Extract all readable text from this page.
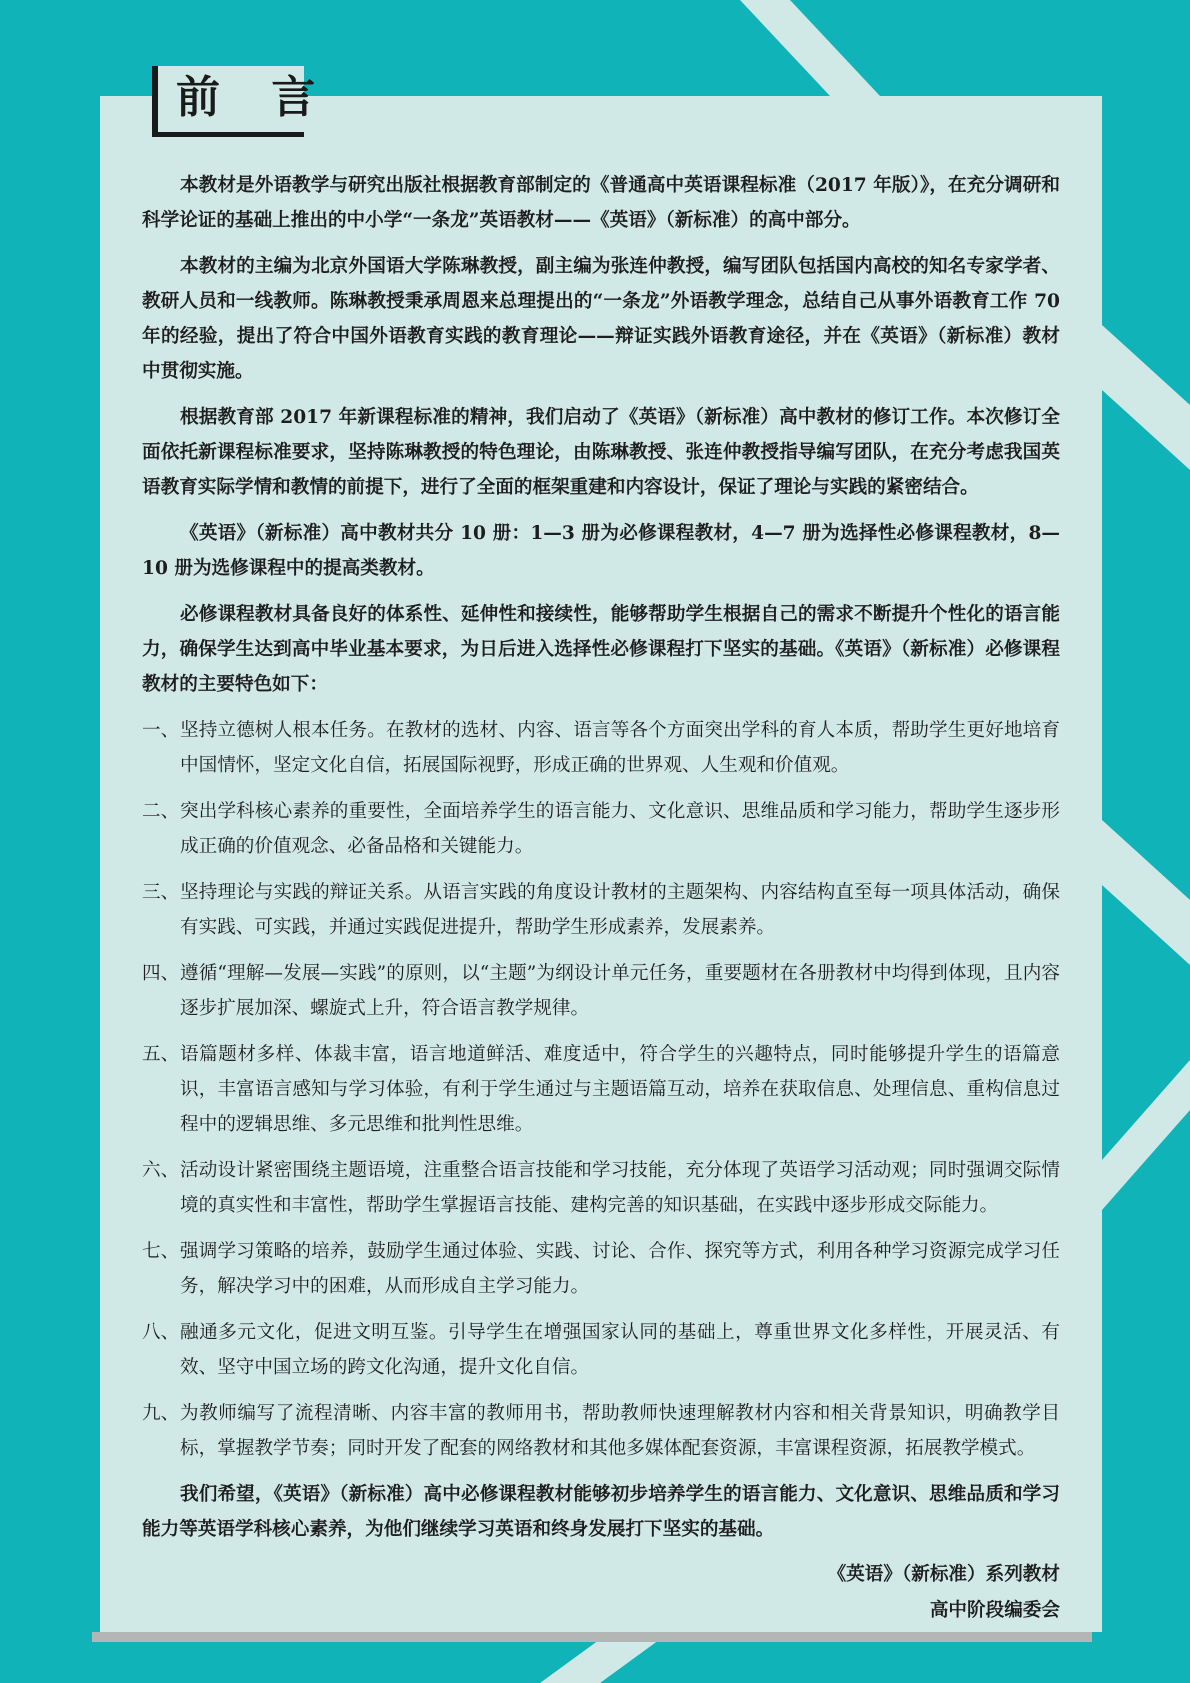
前 言

本教材是外语教学与研究出版社根据教育部制定的《普通高中英语课程标准（2017 年版）》，在充分调研和科学论证的基础上推出的中小学“一条龙”英语教材——《英语》（新标准）的高中部分。

本教材的主编为北京外国语大学陈琳教授，副主编为张连仲教授，编写团队包括国内高校的知名专家学者、教研人员和一线教师。陈琳教授秉承周恩来总理提出的“一条龙”外语教学理念，总结自己从事外语教育工作 70 年的经验，提出了符合中国外语教育实践的教育理论——辩证实践外语教育途径，并在《英语》（新标准）教材中贯彻实施。

根据教育部 2017 年新课程标准的精神，我们启动了《英语》（新标准）高中教材的修订工作。本次修订全面依托新课程标准要求，坚持陈琳教授的特色理论，由陈琳教授、张连仲教授指导编写团队，在充分考虑我国英语教育实际学情和教情的前提下，进行了全面的框架重建和内容设计，保证了理论与实践的紧密结合。

《英语》（新标准）高中教材共分 10 册：1—3 册为必修课程教材，4—7 册为选择性必修课程教材，8—10 册为选修课程中的提高类教材。

必修课程教材具备良好的体系性、延伸性和接续性，能够帮助学生根据自己的需求不断提升个性化的语言能力，确保学生达到高中毕业基本要求，为日后进入选择性必修课程打下坚实的基础。《英语》（新标准）必修课程教材的主要特色如下：

一、 坚持立德树人根本任务。在教材的选材、内容、语言等各个方面突出学科的育人本质，帮助学生更好地培育中国情怀，坚定文化自信，拓展国际视野，形成正确的世界观、人生观和价值观。
二、 突出学科核心素养的重要性，全面培养学生的语言能力、文化意识、思维品质和学习能力，帮助学生逐步形成正确的价值观念、必备品格和关键能力。
三、 坚持理论与实践的辩证关系。从语言实践的角度设计教材的主题架构、内容结构直至每一项具体活动，确保有实践、可实践，并通过实践促进提升，帮助学生形成素养，发展素养。
四、 遵循“理解—发展—实践”的原则，以“主题”为纲设计单元任务，重要题材在各册教材中均得到体现，且内容逐步扩展加深、螺旋式上升，符合语言教学规律。
五、 语篇题材多样、体裁丰富，语言地道鲜活、难度适中，符合学生的兴趣特点，同时能够提升学生的语篇意识，丰富语言感知与学习体验，有利于学生通过与主题语篇互动，培养在获取信息、处理信息、重构信息过程中的逻辑思维、多元思维和批判性思维。
六、 活动设计紧密围绕主题语境，注重整合语言技能和学习技能，充分体现了英语学习活动观；同时强调交际情境的真实性和丰富性，帮助学生掌握语言技能、建构完善的知识基础，在实践中逐步形成交际能力。
七、 强调学习策略的培养，鼓励学生通过体验、实践、讨论、合作、探究等方式，利用各种学习资源完成学习任务，解决学习中的困难，从而形成自主学习能力。
八、 融通多元文化，促进文明互鉴。引导学生在增强国家认同的基础上，尊重世界文化多样性，开展灵活、有效、坚守中国立场的跨文化沟通，提升文化自信。
九、 为教师编写了流程清晰、内容丰富的教师用书，帮助教师快速理解教材内容和相关背景知识，明确教学目标，掌握教学节奏；同时开发了配套的网络教材和其他多媒体配套资源，丰富课程资源，拓展教学模式。

我们希望，《英语》（新标准）高中必修课程教材能够初步培养学生的语言能力、文化意识、思维品质和学习能力等英语学科核心素养，为他们继续学习英语和终身发展打下坚实的基础。

《英语》（新标准）系列教材
高中阶段编委会
